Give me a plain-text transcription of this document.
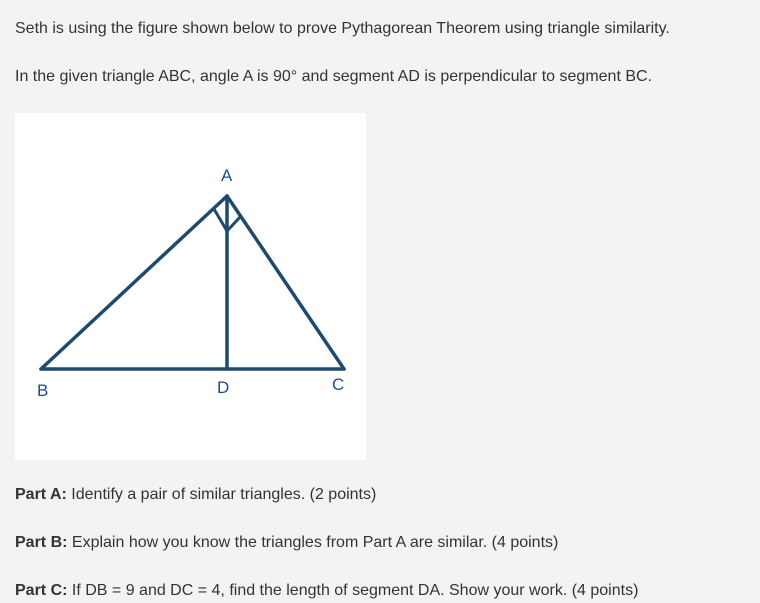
Seth is using the figure shown below to prove Pythagorean Theorem using triangle similarity.

In the given triangle ABC, angle A is 90° and segment AD is perpendicular to segment BC.

A
B	D	C

Part A: Identify a pair of similar triangles. (2 points)

Part B: Explain how you know the triangles from Part A are similar. (4 points)

Part C: If DB = 9 and DC = 4, find the length of segment DA. Show your work. (4 points)
